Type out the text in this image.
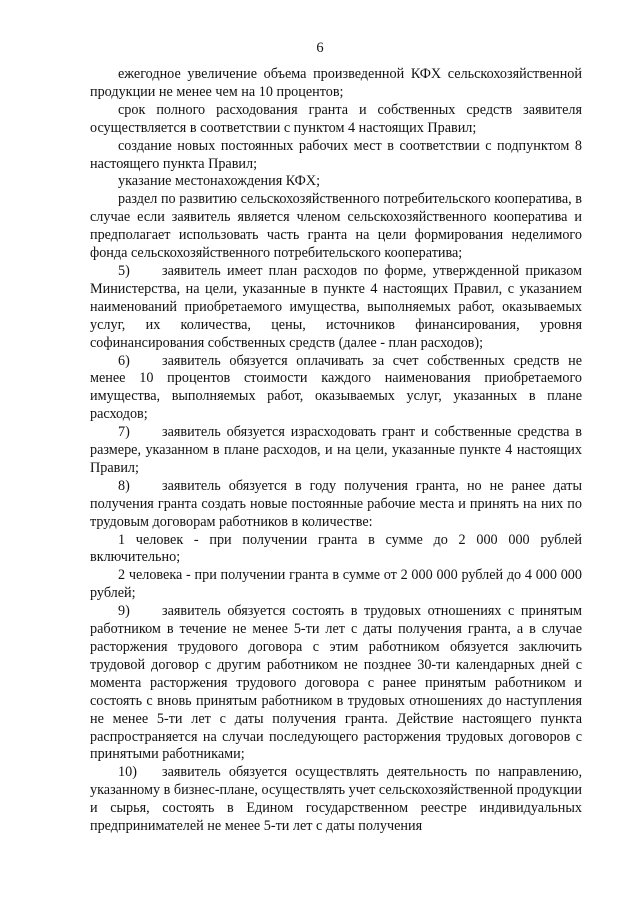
6

ежегодное увеличение объема произведенной КФХ сельскохозяйственной продукции не менее чем на 10 процентов;

срок полного расходования гранта и собственных средств заявителя осуществляется в соответствии с пунктом 4 настоящих Правил;

создание новых постоянных рабочих мест в соответствии с подпунктом 8 настоящего пункта Правил;

указание местонахождения КФХ;

раздел по развитию сельскохозяйственного потребительского кооператива, в случае если заявитель является членом сельскохозяйственного кооператива и предполагает использовать часть гранта на цели формирования неделимого фонда сельскохозяйственного потребительского кооператива;

5) заявитель имеет план расходов по форме, утвержденной приказом Министерства, на цели, указанные в пункте 4 настоящих Правил, с указанием наименований приобретаемого имущества, выполняемых работ, оказываемых услуг, их количества, цены, источников финансирования, уровня софинансирования собственных средств (далее - план расходов);

6) заявитель обязуется оплачивать за счет собственных средств не менее 10 процентов стоимости каждого наименования приобретаемого имущества, выполняемых работ, оказываемых услуг, указанных в плане расходов;

7) заявитель обязуется израсходовать грант и собственные средства в размере, указанном в плане расходов, и на цели, указанные пункте 4 настоящих Правил;

8) заявитель обязуется в году получения гранта, но не ранее даты получения гранта создать новые постоянные рабочие места и принять на них по трудовым договорам работников в количестве:

1 человек - при получении гранта в сумме до 2 000 000 рублей включительно;

2 человека - при получении гранта в сумме от 2 000 000 рублей до 4 000 000 рублей;

9) заявитель обязуется состоять в трудовых отношениях с принятым работником в течение не менее 5-ти лет с даты получения гранта, а в случае расторжения трудового договора с этим работником обязуется заключить трудовой договор с другим работником не позднее 30-ти календарных дней с момента расторжения трудового договора с ранее принятым работником и состоять с вновь принятым работником в трудовых отношениях до наступления не менее 5-ти лет с даты получения гранта. Действие настоящего пункта распространяется на случаи последующего расторжения трудовых договоров с принятыми работниками;

10) заявитель обязуется осуществлять деятельность по направлению, указанному в бизнес-плане, осуществлять учет сельскохозяйственной продукции и сырья, состоять в Едином государственном реестре индивидуальных предпринимателей не менее 5-ти лет с даты получения
